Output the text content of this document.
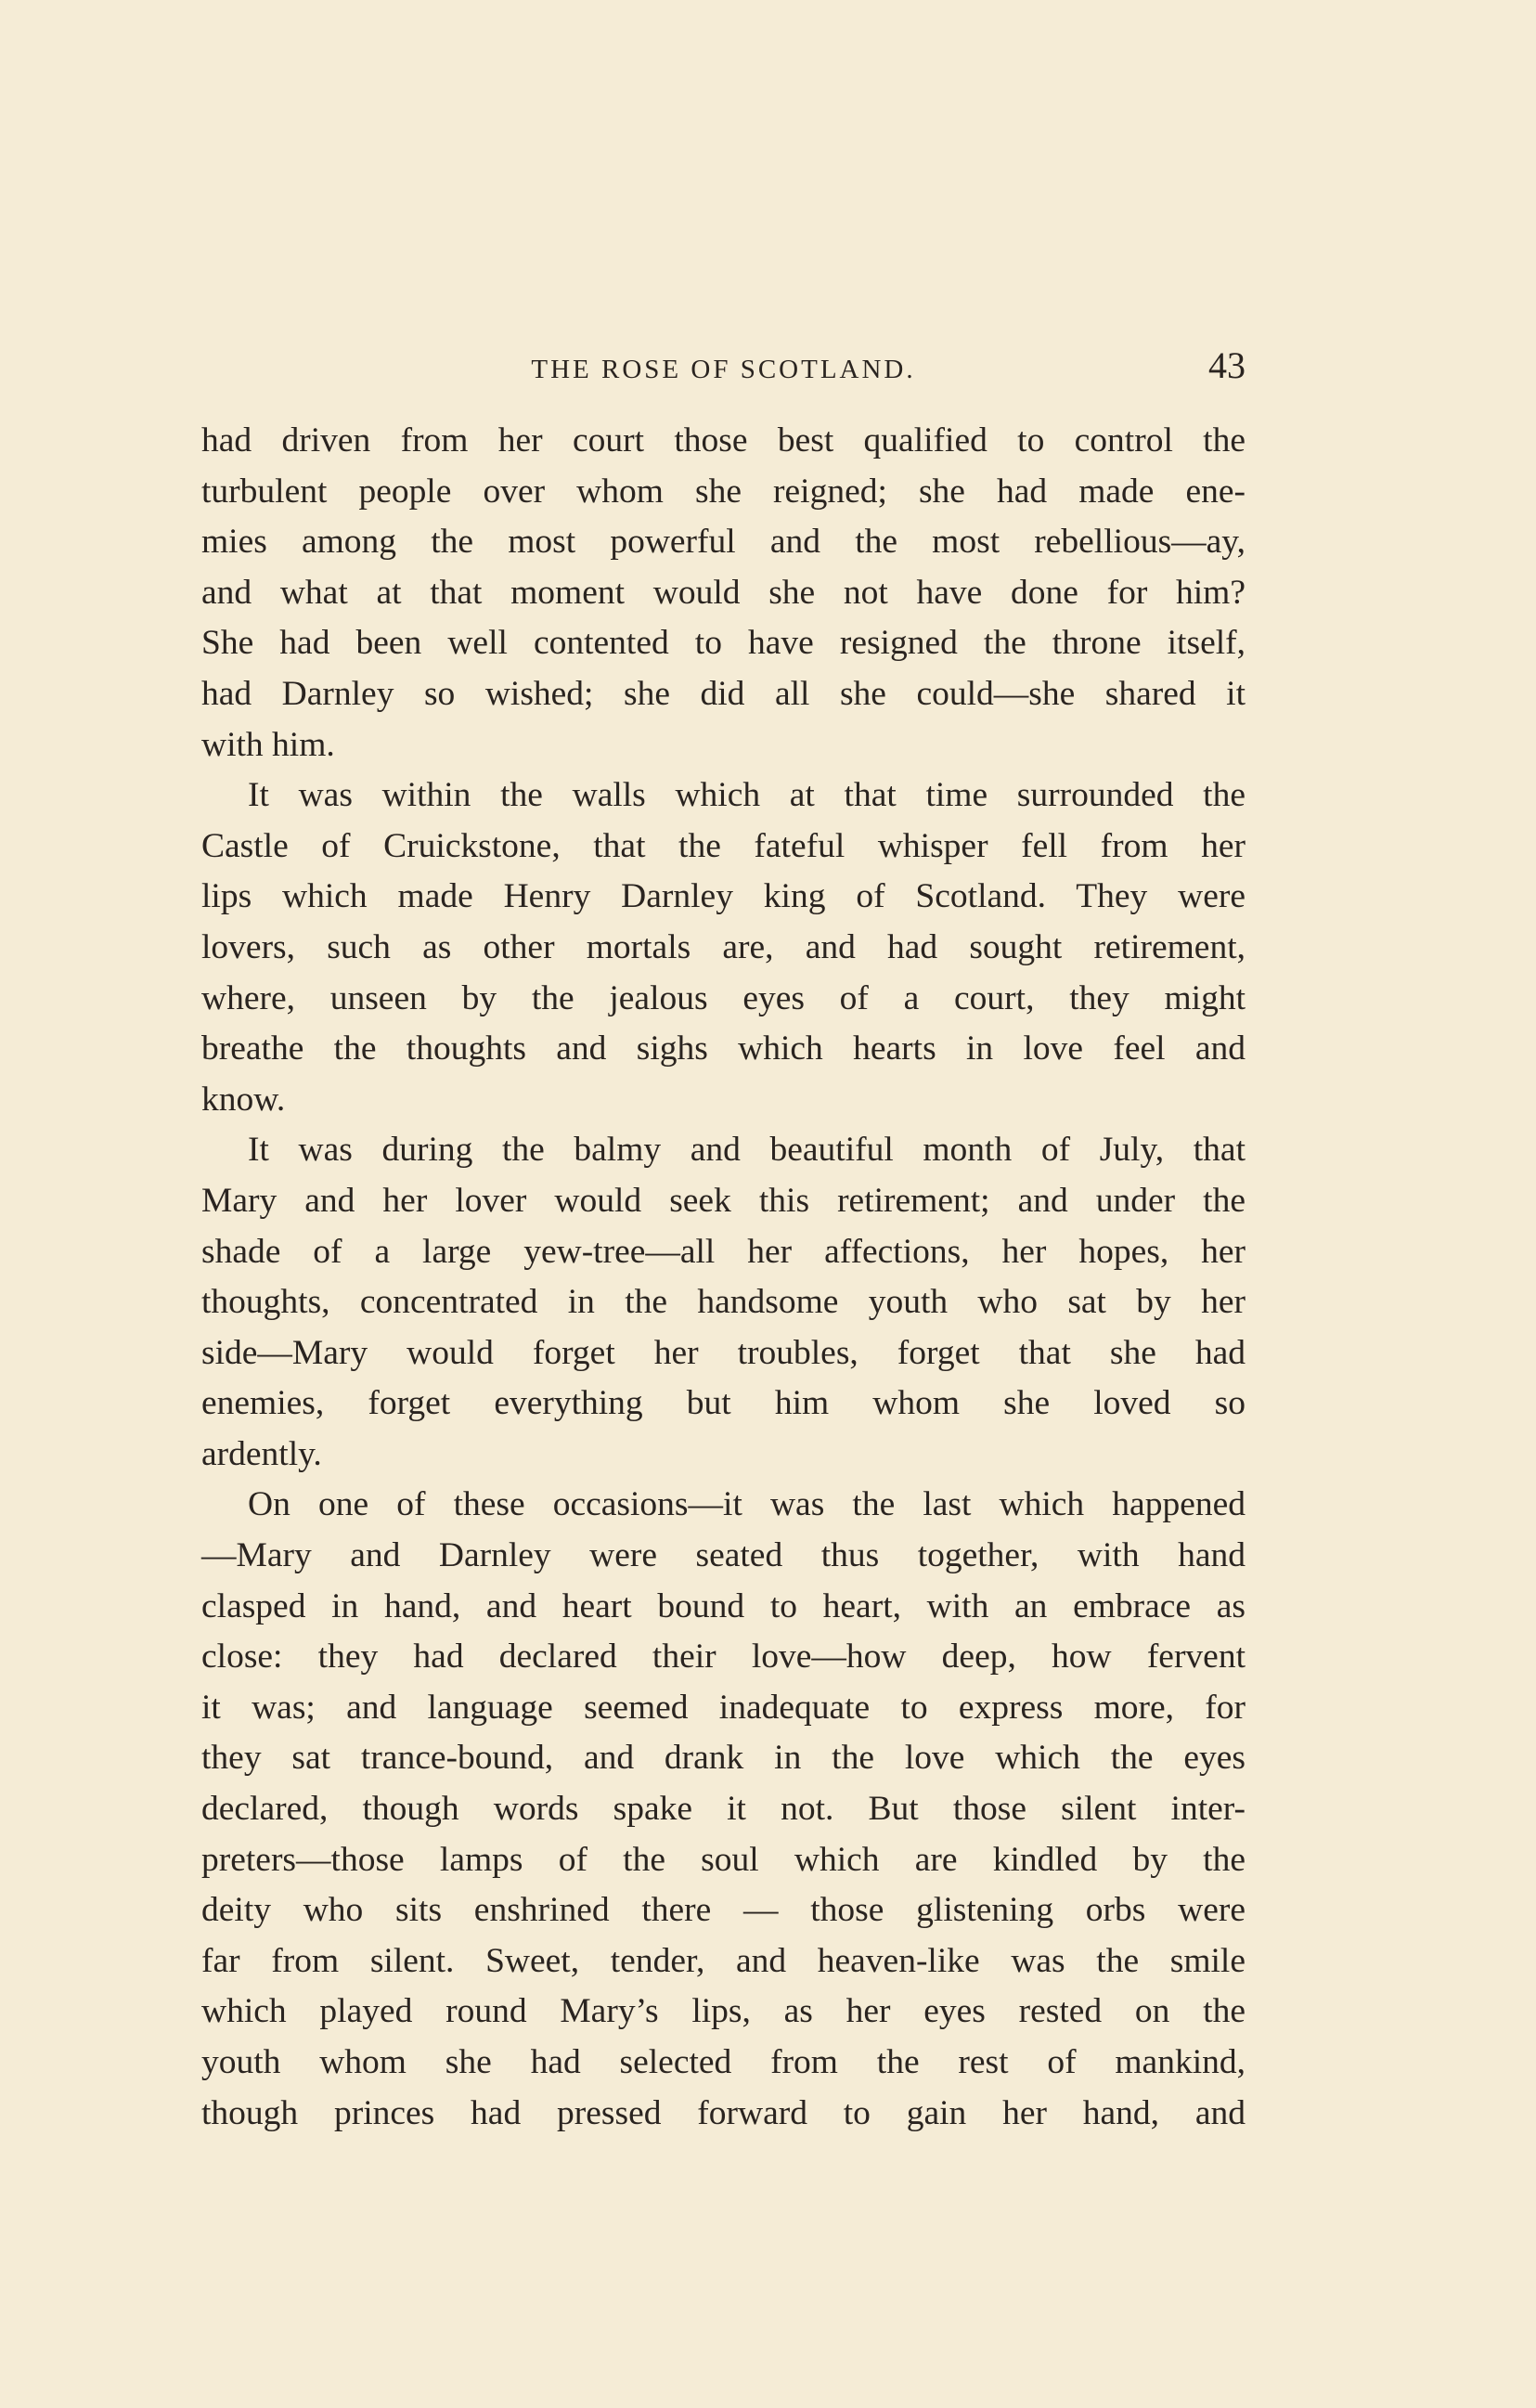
THE ROSE OF SCOTLAND.	43
had driven from her court those best qualified to control the
turbulent people over whom she reigned; she had made ene-
mies among the most powerful and the most rebellious—ay,
and what at that moment would she not have done for him?
She had been well contented to have resigned the throne itself,
had Darnley so wished; she did all she could—she shared it
with him.
It was within the walls which at that time surrounded the
Castle of Cruickstone, that the fateful whisper fell from her
lips which made Henry Darnley king of Scotland. They were
lovers, such as other mortals are, and had sought retirement,
where, unseen by the jealous eyes of a court, they might
breathe the thoughts and sighs which hearts in love feel and
know.
It was during the balmy and beautiful month of July, that
Mary and her lover would seek this retirement; and under the
shade of a large yew-tree—all her affections, her hopes, her
thoughts, concentrated in the handsome youth who sat by her
side—Mary would forget her troubles, forget that she had
enemies, forget everything but him whom she loved so
ardently.
On one of these occasions—it was the last which happened
—Mary and Darnley were seated thus together, with hand
clasped in hand, and heart bound to heart, with an embrace as
close: they had declared their love—how deep, how fervent
it was; and language seemed inadequate to express more, for
they sat trance-bound, and drank in the love which the eyes
declared, though words spake it not. But those silent inter-
preters—those lamps of the soul which are kindled by the
deity who sits enshrined there — those glistening orbs were
far from silent. Sweet, tender, and heaven-like was the smile
which played round Mary’s lips, as her eyes rested on the
youth whom she had selected from the rest of mankind,
though princes had pressed forward to gain her hand, and
